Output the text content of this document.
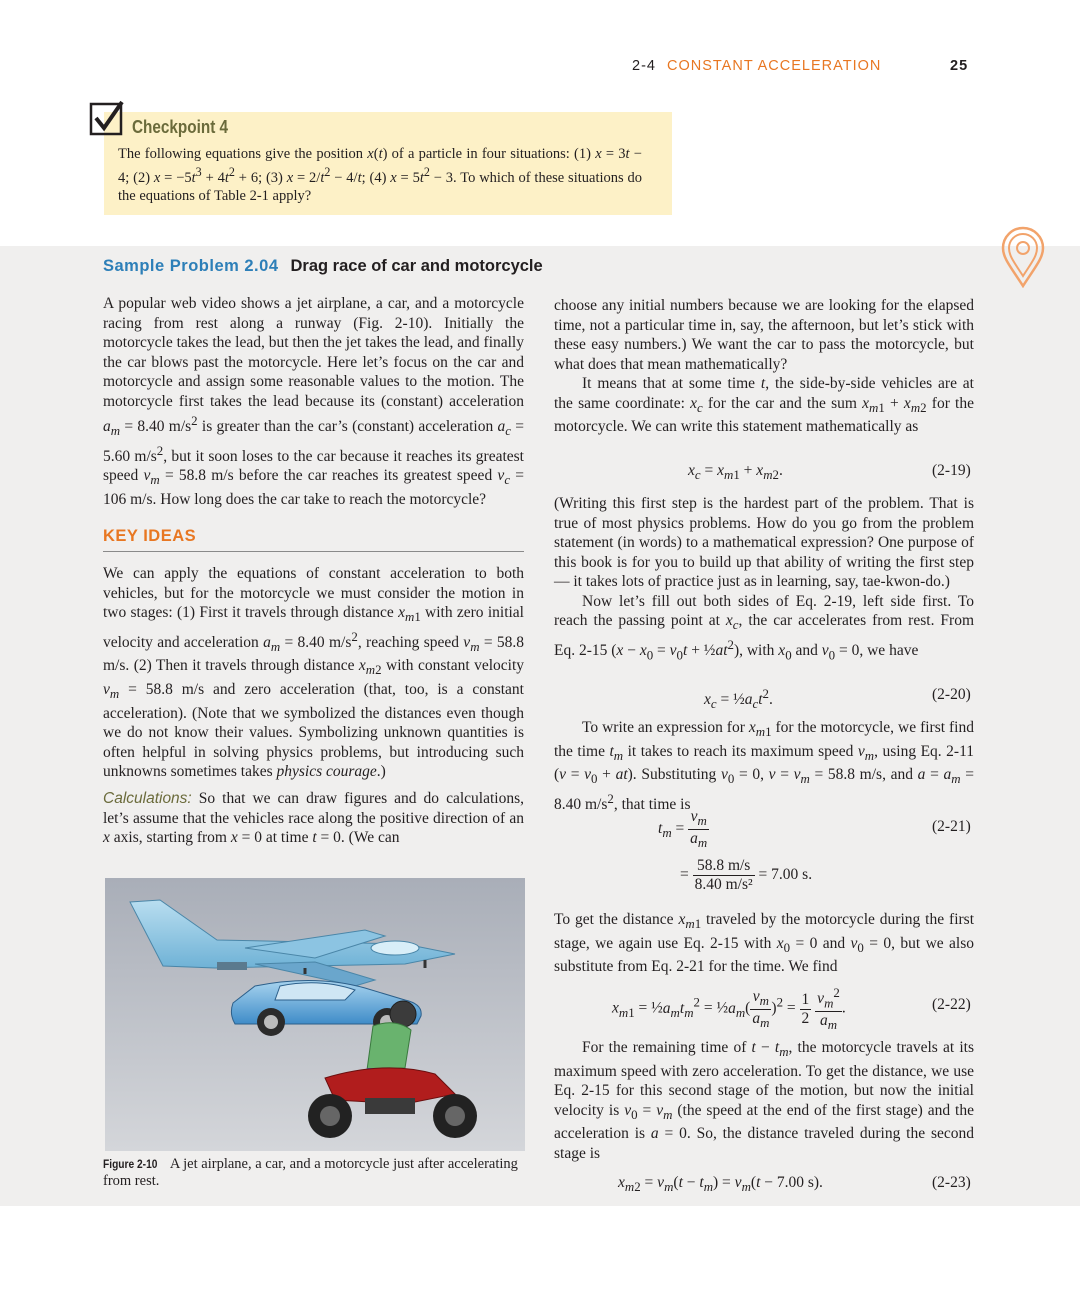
2-4 CONSTANT ACCELERATION	25
Checkpoint 4
The following equations give the position x(t) of a particle in four situations: (1) x = 3t − 4; (2) $x = -5t^3 + 4t^2 + 6$; (3) $x = 2/t^2 - 4/t$; (4) $x = 5t^2 - 3$. To which of these situations do the equations of Table 2-1 apply?
Sample Problem 2.04 Drag race of car and motorcycle

A popular web video shows a jet airplane, a car, and a motorcycle racing from rest along a runway (Fig. 2-10). Initially the motorcycle takes the lead, but then the jet takes the lead, and finally the car blows past the motorcycle. Here let’s focus on the car and motorcycle and assign some reasonable values to the motion. The motorcycle first takes the lead because its (constant) acceleration $a_m = 8.40$ $m/s^2$ is greater than the car’s (constant) acceleration $a_c = 5.60$ $m/s^2$, but it soon loses to the car because it reaches its greatest speed $v_m = 58.8$ m/s before the car reaches its greatest speed $v_c = 106$ m/s. How long does the car take to reach the motorcycle?

KEY IDEAS

We can apply the equations of constant acceleration to both vehicles, but for the motorcycle we must consider the motion in two stages: (1) First it travels through distance $x_{m1}$ with zero initial velocity and acceleration $a_m = 8.40$ $m/s^2$, reaching speed $v_m = 58.8$ m/s. (2) Then it travels through distance $x_{m2}$ with constant velocity $v_m = 58.8$ m/s and zero acceleration (that, too, is a constant acceleration). (Note that we symbolized the distances even though we do not know their values. Symbolizing unknown quantities is often helpful in solving physics problems, but introducing such unknowns sometimes takes physics courage.)

Calculations: So that we can draw figures and do calculations, let’s assume that the vehicles race along the positive direction of an x axis, starting from x = 0 at time t = 0. (We can

Figure 2-10 A jet airplane, a car, and a motorcycle just after accelerating from rest.

choose any initial numbers because we are looking for the elapsed time, not a particular time in, say, the afternoon, but let’s stick with these easy numbers.) We want the car to pass the motorcycle, but what does that mean mathematically?

It means that at some time t, the side-by-side vehicles are at the same coordinate: $x_c$ for the car and the sum $x_{m1} + x_{m2}$ for the motorcycle. We can write this statement mathematically as

$x_c = x_{m1} + x_{m2}$.	(2-19)

(Writing this first step is the hardest part of the problem. That is true of most physics problems. How do you go from the problem statement (in words) to a mathematical expression? One purpose of this book is for you to build up that ability of writing the first step — it takes lots of practice just as in learning, say, tae-kwon-do.)

Now let’s fill out both sides of Eq. 2-19, left side first. To reach the passing point at $x_c$, the car accelerates from rest. From Eq. 2-15 ($x - x_0 = v_0t$ + $\frac{1}{2}at^2$), with $x_0$ and $v_0 = 0$, we have

$x_c$ = $\frac{1}{2}a_ct^2$.	(2-20)

To write an expression for $x_{m1}$ for the motorcycle, we first find the time $t_m$ it takes to reach its maximum speed $v_m$, using Eq. 2-11 $(v = v_0 + at)$. Substituting $v_0 = 0$, $v = v_m = 58.8$ m/s, and $a = a_m = 8.40$ $m/s^2$, that time is

$t_m = \frac{v_m}{a_m}$	(2-21)
= $\frac{58.8 m/s}{\text{8.40 m/s²}} = 7.00$ s.

To get the distance $x_{m1}$ traveled by the motorcycle during the first stage, we again use Eq. 2-15 with $x_0 = 0$ and $v_0 = 0$, but we also substitute from Eq. 2-21 for the time. We find

$x_{m1}$ = $\frac{1}{2}a_mt_m^2$ = $\frac{1}{2}a_m( \frac{v_m}{a_m} )^2 = \frac{1}{2}$
$\frac{v_m^2}{a_m}$ .	(2-22)

For the remaining time of $t - t_m$, the motorcycle travels at its maximum speed with zero acceleration. To get the distance, we use Eq. 2-15 for this second stage of the motion, but now the initial velocity is $v_0 = v_m$ (the speed at the end of the first stage) and the acceleration is a = 0. So, the distance traveled during the second stage is

$x_{m2} = v_m(t - t_m) = v_m(t - 7.00$ s).	(2-23)
